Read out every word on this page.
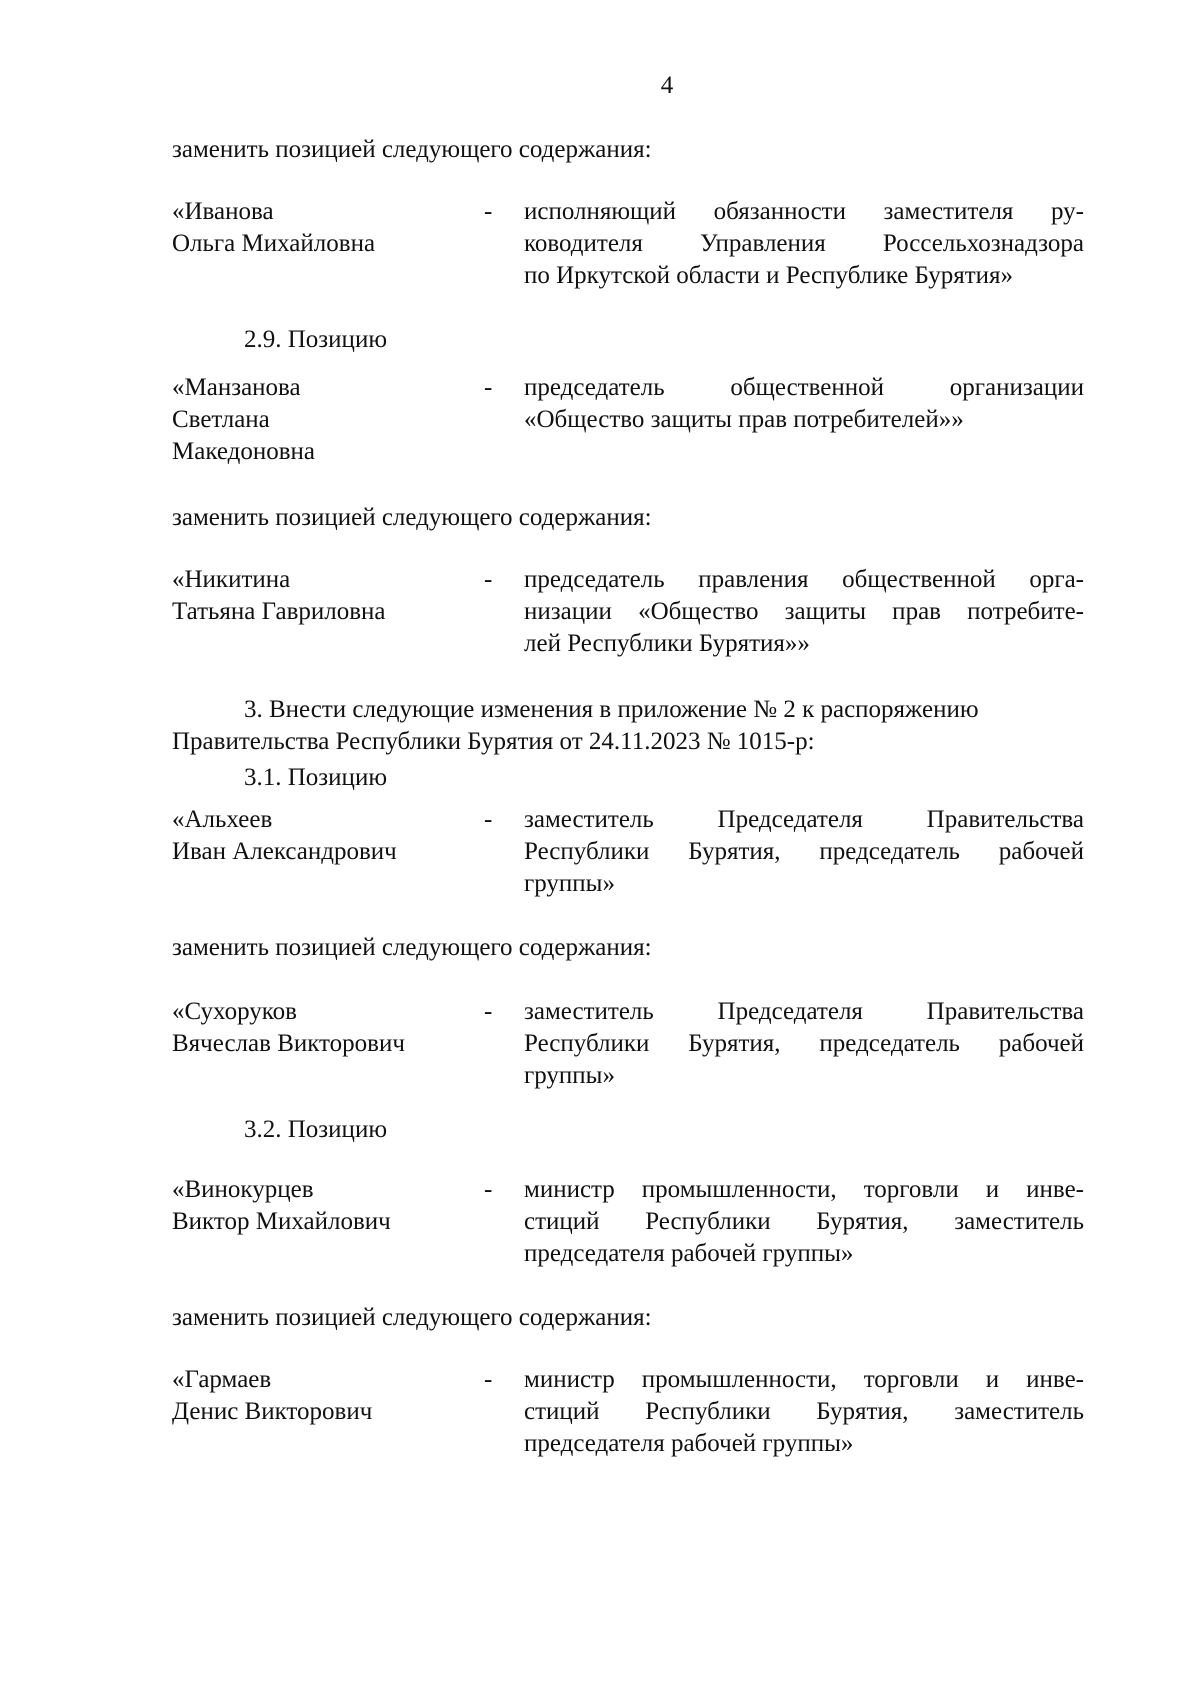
4
заменить позицией следующего содержания:
«Иванова
Ольга Михайловна
- исполняющий обязанности заместителя ру-
ководителя Управления Россельхознадзора
по Иркутской области и Республике Бурятия»
2.9. Позицию
«Манзанова
Светлана
Македоновна
- председатель общественной организации
«Общество защиты прав потребителей»»
заменить позицией следующего содержания:
«Никитина
Татьяна Гавриловна
- председатель правления общественной орга-
низации «Общество защиты прав потребите-
лей Республики Бурятия»»
3. Внести следующие изменения в приложение № 2 к распоряжению
Правительства Республики Бурятия от 24.11.2023 № 1015-р:
3.1. Позицию
«Альхеев
Иван Александрович
- заместитель Председателя Правительства
Республики Бурятия, председатель рабочей
группы»
заменить позицией следующего содержания:
«Сухоруков
Вячеслав Викторович
- заместитель Председателя Правительства
Республики Бурятия, председатель рабочей
группы»
3.2. Позицию
«Винокурцев
Виктор Михайлович
- министр промышленности, торговли и инве-
стиций Республики Бурятия, заместитель
председателя рабочей группы»
заменить позицией следующего содержания:
«Гармаев
Денис Викторович
- министр промышленности, торговли и инве-
стиций Республики Бурятия, заместитель
председателя рабочей группы»
